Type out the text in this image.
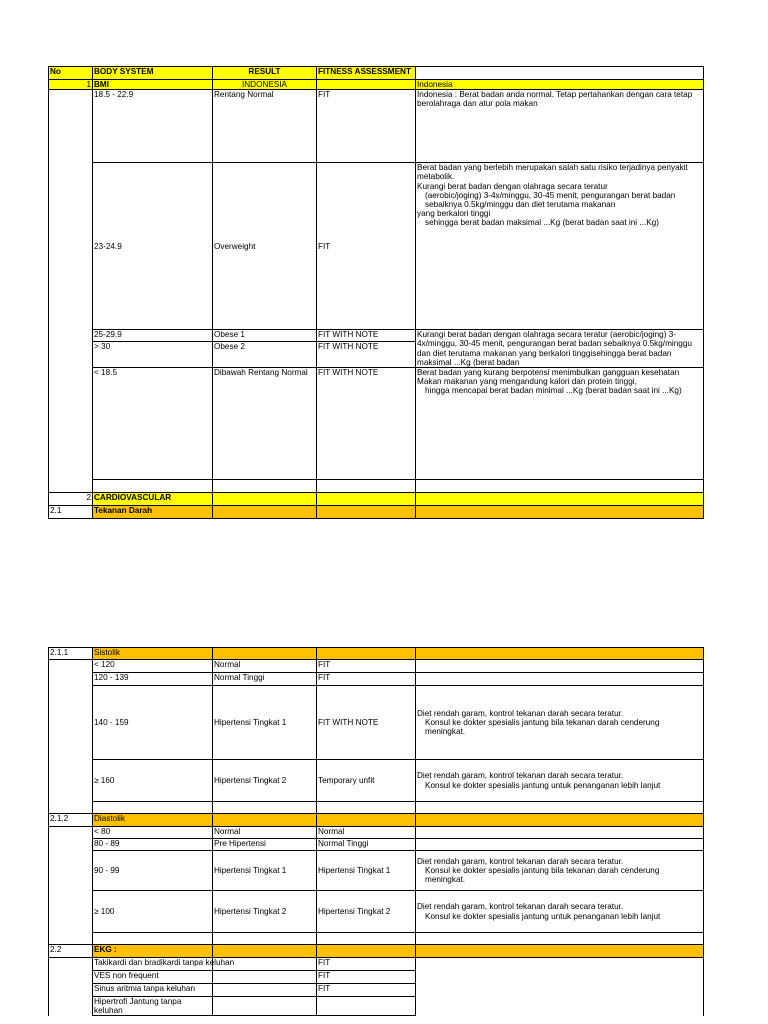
No	BODY SYSTEM	RESULT	FITNESS ASSESSMENT	
1	BMI	INDONESIA		Indonesia
	18.5 - 22.9	Rentang Normal	FIT	Indonesia : Berat badan anda normal. Tetap pertahankan dengan cara tetap berolahraga dan atur pola makan
	23-24.9	Overweight	FIT	Berat badan yang berlebih merupakan salah satu risiko terjadinya penyakit metabolik.
Kurangi berat badan dengan olahraga secara teratur
(aerobic/joging) 3-4x/minggu, 30-45 menit, pengurangan berat badan sebaiknya 0.5kg/minggu dan diet terutama makanan
yang berkalori tinggi
sehingga berat badan maksimal ...Kg (berat badan saat ini ...Kg)

	25-29.9	Obese 1	FIT WITH NOTE	Kurangi berat badan dengan olahraga secara teratur (aerobic/joging) 3-4x/minggu, 30-45 menit, pengurangan berat badan sebaiknya 0.5kg/minggu dan diet terutama makanan yang berkalori tinggisehingga berat badan maksimal ...Kg (berat badan
	> 30	Obese 2	FIT WITH NOTE	
	< 18.5	Dibawah Rentang Normal	FIT WITH NOTE	Berat badan yang kurang berpotensi menimbulkan gangguan kesehatan
Makan makanan yang mengandung kalori dan protein tinggi,
hingga mencapai berat badan minimal ...Kg (berat badan saat ini ...Kg)

2	CARDIOVASCULAR			
2.1	Tekanan Darah			
2.1.1	Sistolik			
	< 120	Normal	FIT	
	120 - 139	Normal Tinggi	FIT	
	140 - 159	Hipertensi Tingkat 1	FIT WITH NOTE	Diet rendah garam, kontrol tekanan darah secara teratur.
Konsul ke dokter spesialis jantung bila tekanan darah cenderung
meningkat.

	≥ 160	Hipertensi Tingkat 2	Temporary unfit	Diet rendah garam, kontrol tekanan darah secara teratur.
Konsul ke dokter spesialis jantung untuk penanganan lebih lanjut

2.1.2	Diastolik			
	< 80	Normal	Normal	
	80 - 89	Pre Hipertensi	Normal Tinggi	
	90 - 99	Hipertensi Tingkat 1	Hipertensi Tingkat 1	Diet rendah garam, kontrol tekanan darah secara teratur.
Konsul ke dokter spesialis jantung bila tekanan darah cenderung
meningkat.

	≥ 100	Hipertensi Tingkat 2	Hipertensi Tingkat 2	Diet rendah garam, kontrol tekanan darah secara teratur.
Konsul ke dokter spesialis jantung untuk penanganan lebih lanjut

2.2	EKG :			
	Takikardi dan bradikardi tanpa keluhan		FIT	
	VES non frequent		FIT	
	Sinus aritmia tanpa keluhan		FIT	
	Hipertrofi Jantung tanpa keluhan			
